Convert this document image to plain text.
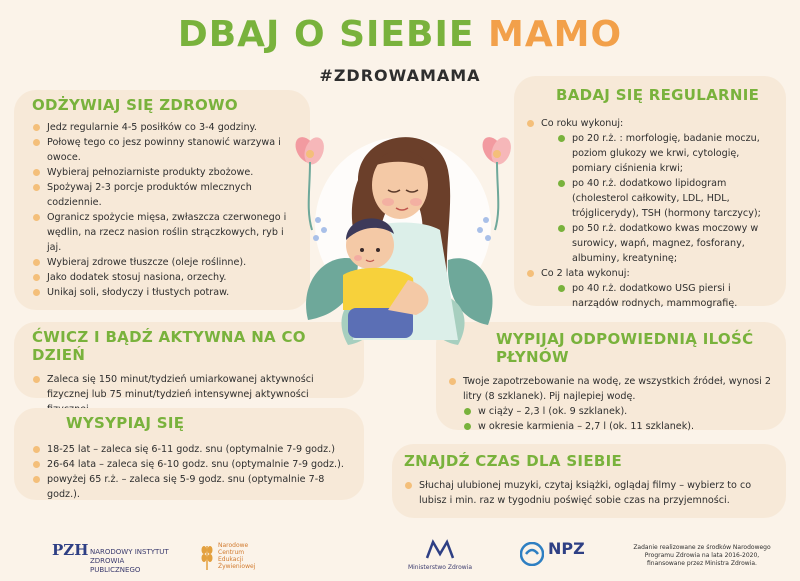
DBAJ O SIEBIE MAMO
#ZDROWAMAMA
ODŻYWIAJ SIĘ ZDROWO
Jedz regularnie 4-5 posiłków co 3-4 godziny.
Połowę tego co jesz powinny stanowić warzywa i owoce.
Wybieraj pełnoziarniste produkty zbożowe.
Spożywaj 2-3 porcje produktów mlecznych codziennie.
Ogranicz spożycie mięsa, zwłaszcza czerwonego i wędlin, na rzecz nasion roślin strączkowych, ryb i jaj.
Wybieraj zdrowe tłuszcze (oleje roślinne).
Jako dodatek stosuj nasiona, orzechy.
Unikaj soli, słodyczy i tłustych potraw.
ĆWICZ I BĄDŹ AKTYWNA NA CO DZIEŃ
Zaleca się 150 minut/tydzień umiarkowanej aktywności fizycznej lub 75 minut/tydzień intensywnej aktywności
WYSYPIAJ SIĘ
18-25 lat – zaleca się 6-11 godz. snu (optymalnie 7-9 godz.)
26-64 lata – zaleca się 6-10 godz. snu (optymalnie 7-9 godz.).
powyżej 65 r.ż. – zaleca się 5-9 godz. snu (optymalnie 7-8 godz.).
BADAJ SIĘ REGULARNIE
Co roku wykonuj:
po 20 r.ż. : morfologię, badanie moczu, poziom glukozy we krwi, cytologię, pomiary ciśnienia krwi;
po 40 r.ż. dodatkowo lipidogram (cholesterol całkowity, LDL, HDL, trójglicerydy), TSH (hormony tarczycy);
po 50 r.ż. dodatkowo kwas moczowy w surowicy, wapń, magnez, fosforany, albuminy, kreatyninę;
Co 2 lata wykonuj:
po 40 r.ż. dodatkowo USG piersi i narządów rodnych, mammografię.
WYPIJAJ ODPOWIEDNIĄ ILOŚĆ PŁYNÓW
Twoje zapotrzebowanie na wodę, ze wszystkich źródeł, wynosi 2 litry (8 szklanek). Pij najlepiej wodę.
w ciąży – 2,3 l (ok. 9 szklanek).
w okresie karmienia – 2,7 l (ok. 11 szklanek).
ZNAJDŹ CZAS DLA SIEBIE
Słuchaj ulubionej muzyki, czytaj książki, oglądaj filmy – wybierz to co lubisz i min. raz w tygodniu poświęć sobie czas na przyjemności.
PZH NARODOWY INSTYTUT
ZDROWIA PUBLICZNEGO
Narodowe
Centrum
Edukacji
Żywieniowej	Ministerstwo Zdrowia
NPZ	Zadanie realizowane ze środków Narodowego
Programu Zdrowia na lata 2016-2020,
finansowane przez Ministra Zdrowia.
